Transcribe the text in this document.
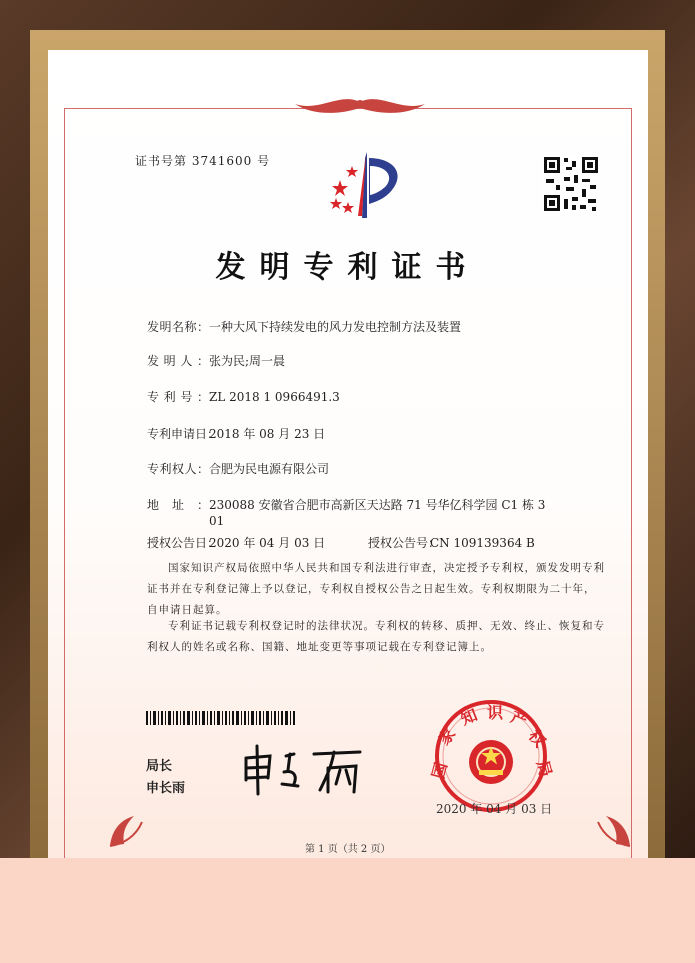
证书号第 3741600 号
发明专利证书
发明名称：一种大风下持续发电的风力发电控制方法及装置
发明人：张为民;周一晨
专利号：ZL 2018 1 0966491.3
专利申请日：2018 年 08 月 23 日
专利权人：合肥为民电源有限公司
地址：230088 安徽省合肥市高新区天达路 71 号华亿科学园 C1 栋 3
01
授权公告日：2020 年 04 月 03 日	授权公告号：CN 109139364 B
国家知识产权局依照中华人民共和国专利法进行审查，决定授予专利权，颁发发明专利证书并在专利登记簿上予以登记，专利权自授权公告之日起生效。专利权期限为二十年，自申请日起算。
专利证书记载专利权登记时的法律状况。专利权的转移、质押、无效、终止、恢复和专利权人的姓名或名称、国籍、地址变更等事项记载在专利登记簿上。
局长
申长雨
国
家
知 识 产
权
局
2020 年 04 月 03 日
第 1 页（共 2 页）
